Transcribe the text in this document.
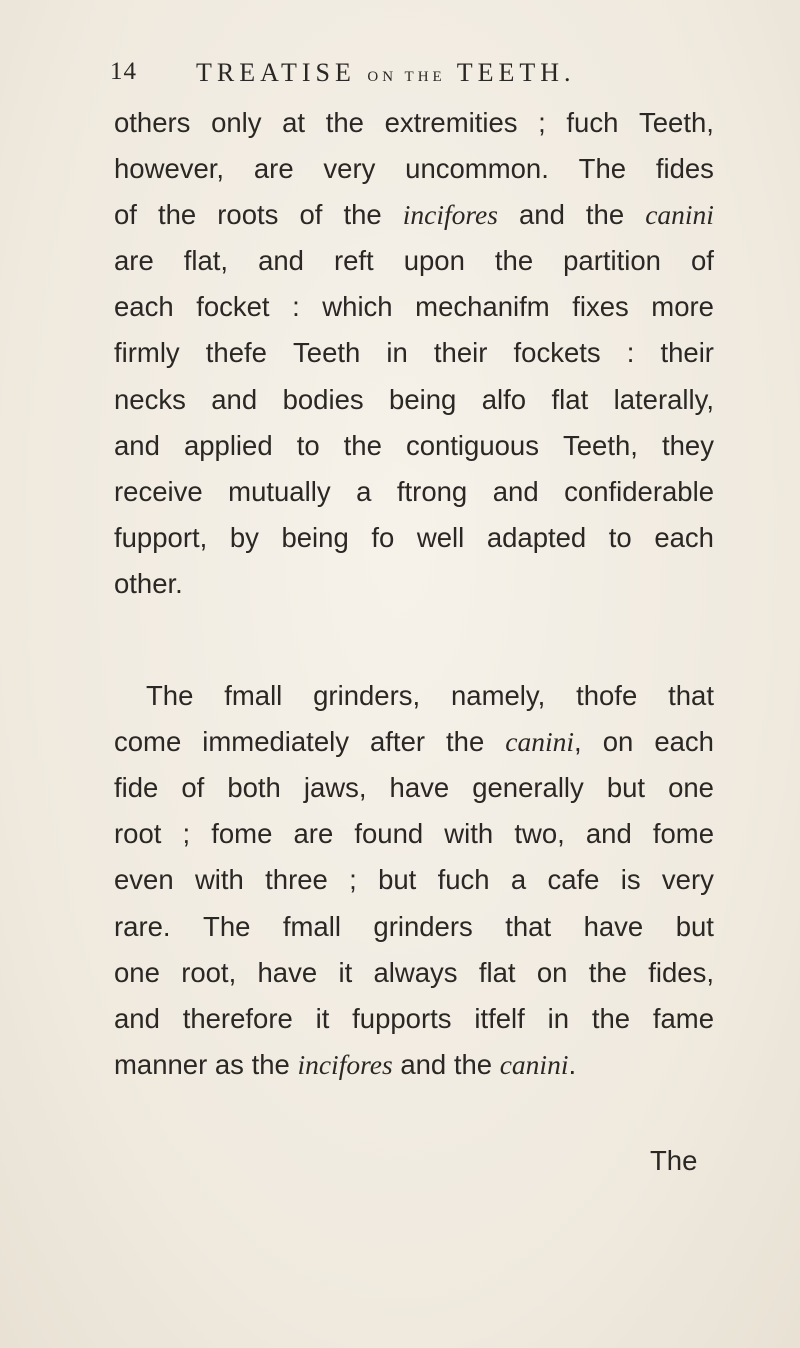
14 TREATISE ON THE TEETH.
others only at the extremities ; fuch Teeth,
however, are very uncommon. The fides
of the roots of the incifores and the canini
are flat, and reft upon the partition of
each focket : which mechanifm fixes more
firmly thefe Teeth in their fockets : their
necks and bodies being alfo flat laterally,
and applied to the contiguous Teeth, they
receive mutually a ftrong and confiderable
fupport, by being fo well adapted to each
other.
The fmall grinders, namely, thofe that
come immediately after the canini, on each
fide of both jaws, have generally but one
root ; fome are found with two, and fome
even with three ; but fuch a cafe is very
rare. The fmall grinders that have but
one root, have it always flat on the fides,
and therefore it fupports itfelf in the fame
manner
as
the
incifores
and
the
canini.
The
